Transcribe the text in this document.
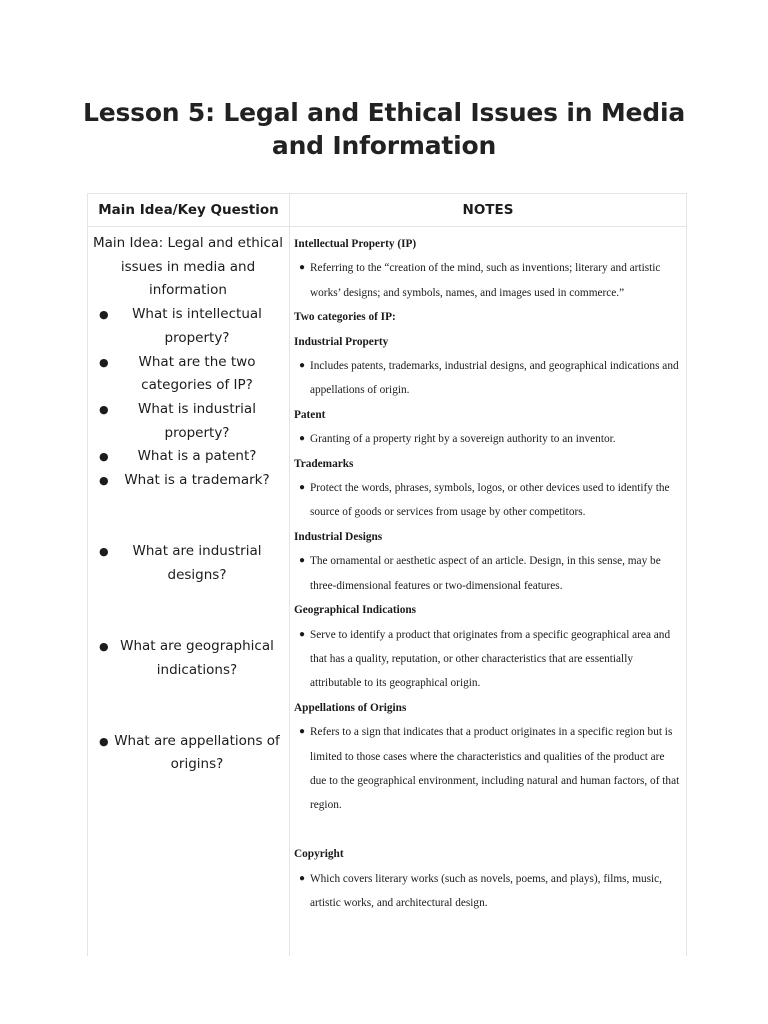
Lesson 5: Legal and Ethical Issues in Media and Information
Main Idea/Key Question	NOTES

Main Idea: Legal and ethical issues in media and information

● What is intellectual property?
● What are the two categories of IP?
● What is industrial property?
● What is a patent?
● What is a trademark?
● What are industrial designs?
● What are geographical indications?
● What are appellations of origins?

Intellectual Property (IP)

● Referring to the “creation of the mind, such as inventions; literary and artistic works’ designs; and symbols, names, and images used in commerce.”

Two categories of IP:

Industrial Property

● Includes patents, trademarks, industrial designs, and geographical indications and appellations of origin.

Patent

● Granting of a property right by a sovereign authority to an inventor.

Trademarks

● Protect the words, phrases, symbols, logos, or other devices used to identify the source of goods or services from usage by other competitors.

Industrial Designs

● The ornamental or aesthetic aspect of an article. Design, in this sense, may be three-dimensional features or two-dimensional features.

Geographical Indications

● Serve to identify a product that originates from a specific geographical area and that has a quality, reputation, or other characteristics that are essentially attributable to its geographical origin.

Appellations of Origins

● Refers to a sign that indicates that a product originates in a specific region but is limited to those cases where the characteristics and qualities of the product are due to the geographical environment, including natural and human factors, of that region.

Copyright

● Which covers literary works (such as novels, poems, and plays), films, music, artistic works, and architectural design.
